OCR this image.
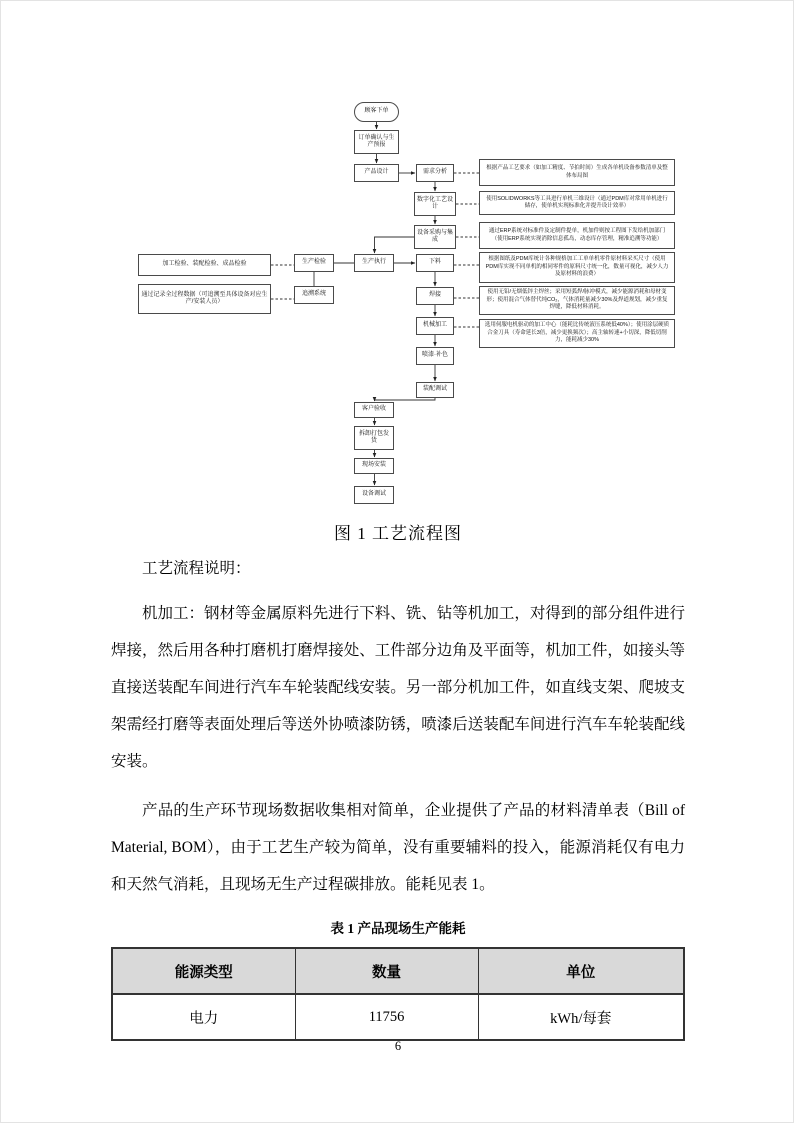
顾客下单
订单确认与生产预报
产品设计	需求分析
数字化工艺设计
设备采购与集成
加工检验、装配检验、成品检验
通过记录全过程数据（可追溯至具体设备对应生产/安装人员）
生产检验
追溯系统
生产执行	下料
焊接
机械加工
喷漆·补色
装配调试
客户验收
拆卸打包发货
现场安装
设备调试
根据产品工艺要求（如加工精度、节拍时间）生成各单机设备参数清单及整体布局图
使用SOLIDWORKS等工具进行单机三维设计（通过PDM库对常用单机进行储存，使单机实现标准化并提升设计效率）
通过ERP系统对标准件及定制件提单，机加件则按工程图下发给机加部门（使用ERP系统实现消除信息孤岛，动态库存管理，精准追溯等功能）
根据图纸及PDM库统计各种规格加工工单单机零件原材料采买尺寸（使用PDM库实现不同单机的相同零件的原料尺寸统一化，数量可视化，减少人力及原材料的浪费）
使用无铅/无烟低锌主焊丝；采用短弧焊/脉冲模式，减少能源消耗和母材变形；使用混合气体替代纯CO₂，气体消耗量减少30%及焊道规划，减少重复焊缝，降低材料消耗。
选用伺服电机驱动的加工中心（能耗比传统液压系统低40%）；使用涂层硬质合金刀具（寿命延长3倍，减少更换频次）；高主轴转速+小切深，降低切削力，能耗减少30%
图 1 工艺流程图

工艺流程说明：

机加工：钢材等金属原料先进行下料、铣、钻等机加工，对得到的部分组件进行焊接，然后用各种打磨机打磨焊接处、工件部分边角及平面等，机加工件，如接头等直接送装配车间进行汽车车轮装配线安装。另一部分机加工件，如直线支架、爬坡支架需经打磨等表面处理后等送外协喷漆防锈，喷漆后送装配车间进行汽车车轮装配线安装。

产品的生产环节现场数据收集相对简单，企业提供了产品的材料清单表（Bill of Material, BOM），由于工艺生产较为简单，没有重要辅料的投入，能源消耗仅有电力和天然气消耗，且现场无生产过程碳排放。能耗见表 1。

表 1 产品现场生产能耗
能源类型	数量	单位
电力	11756	kWh/每套
6
